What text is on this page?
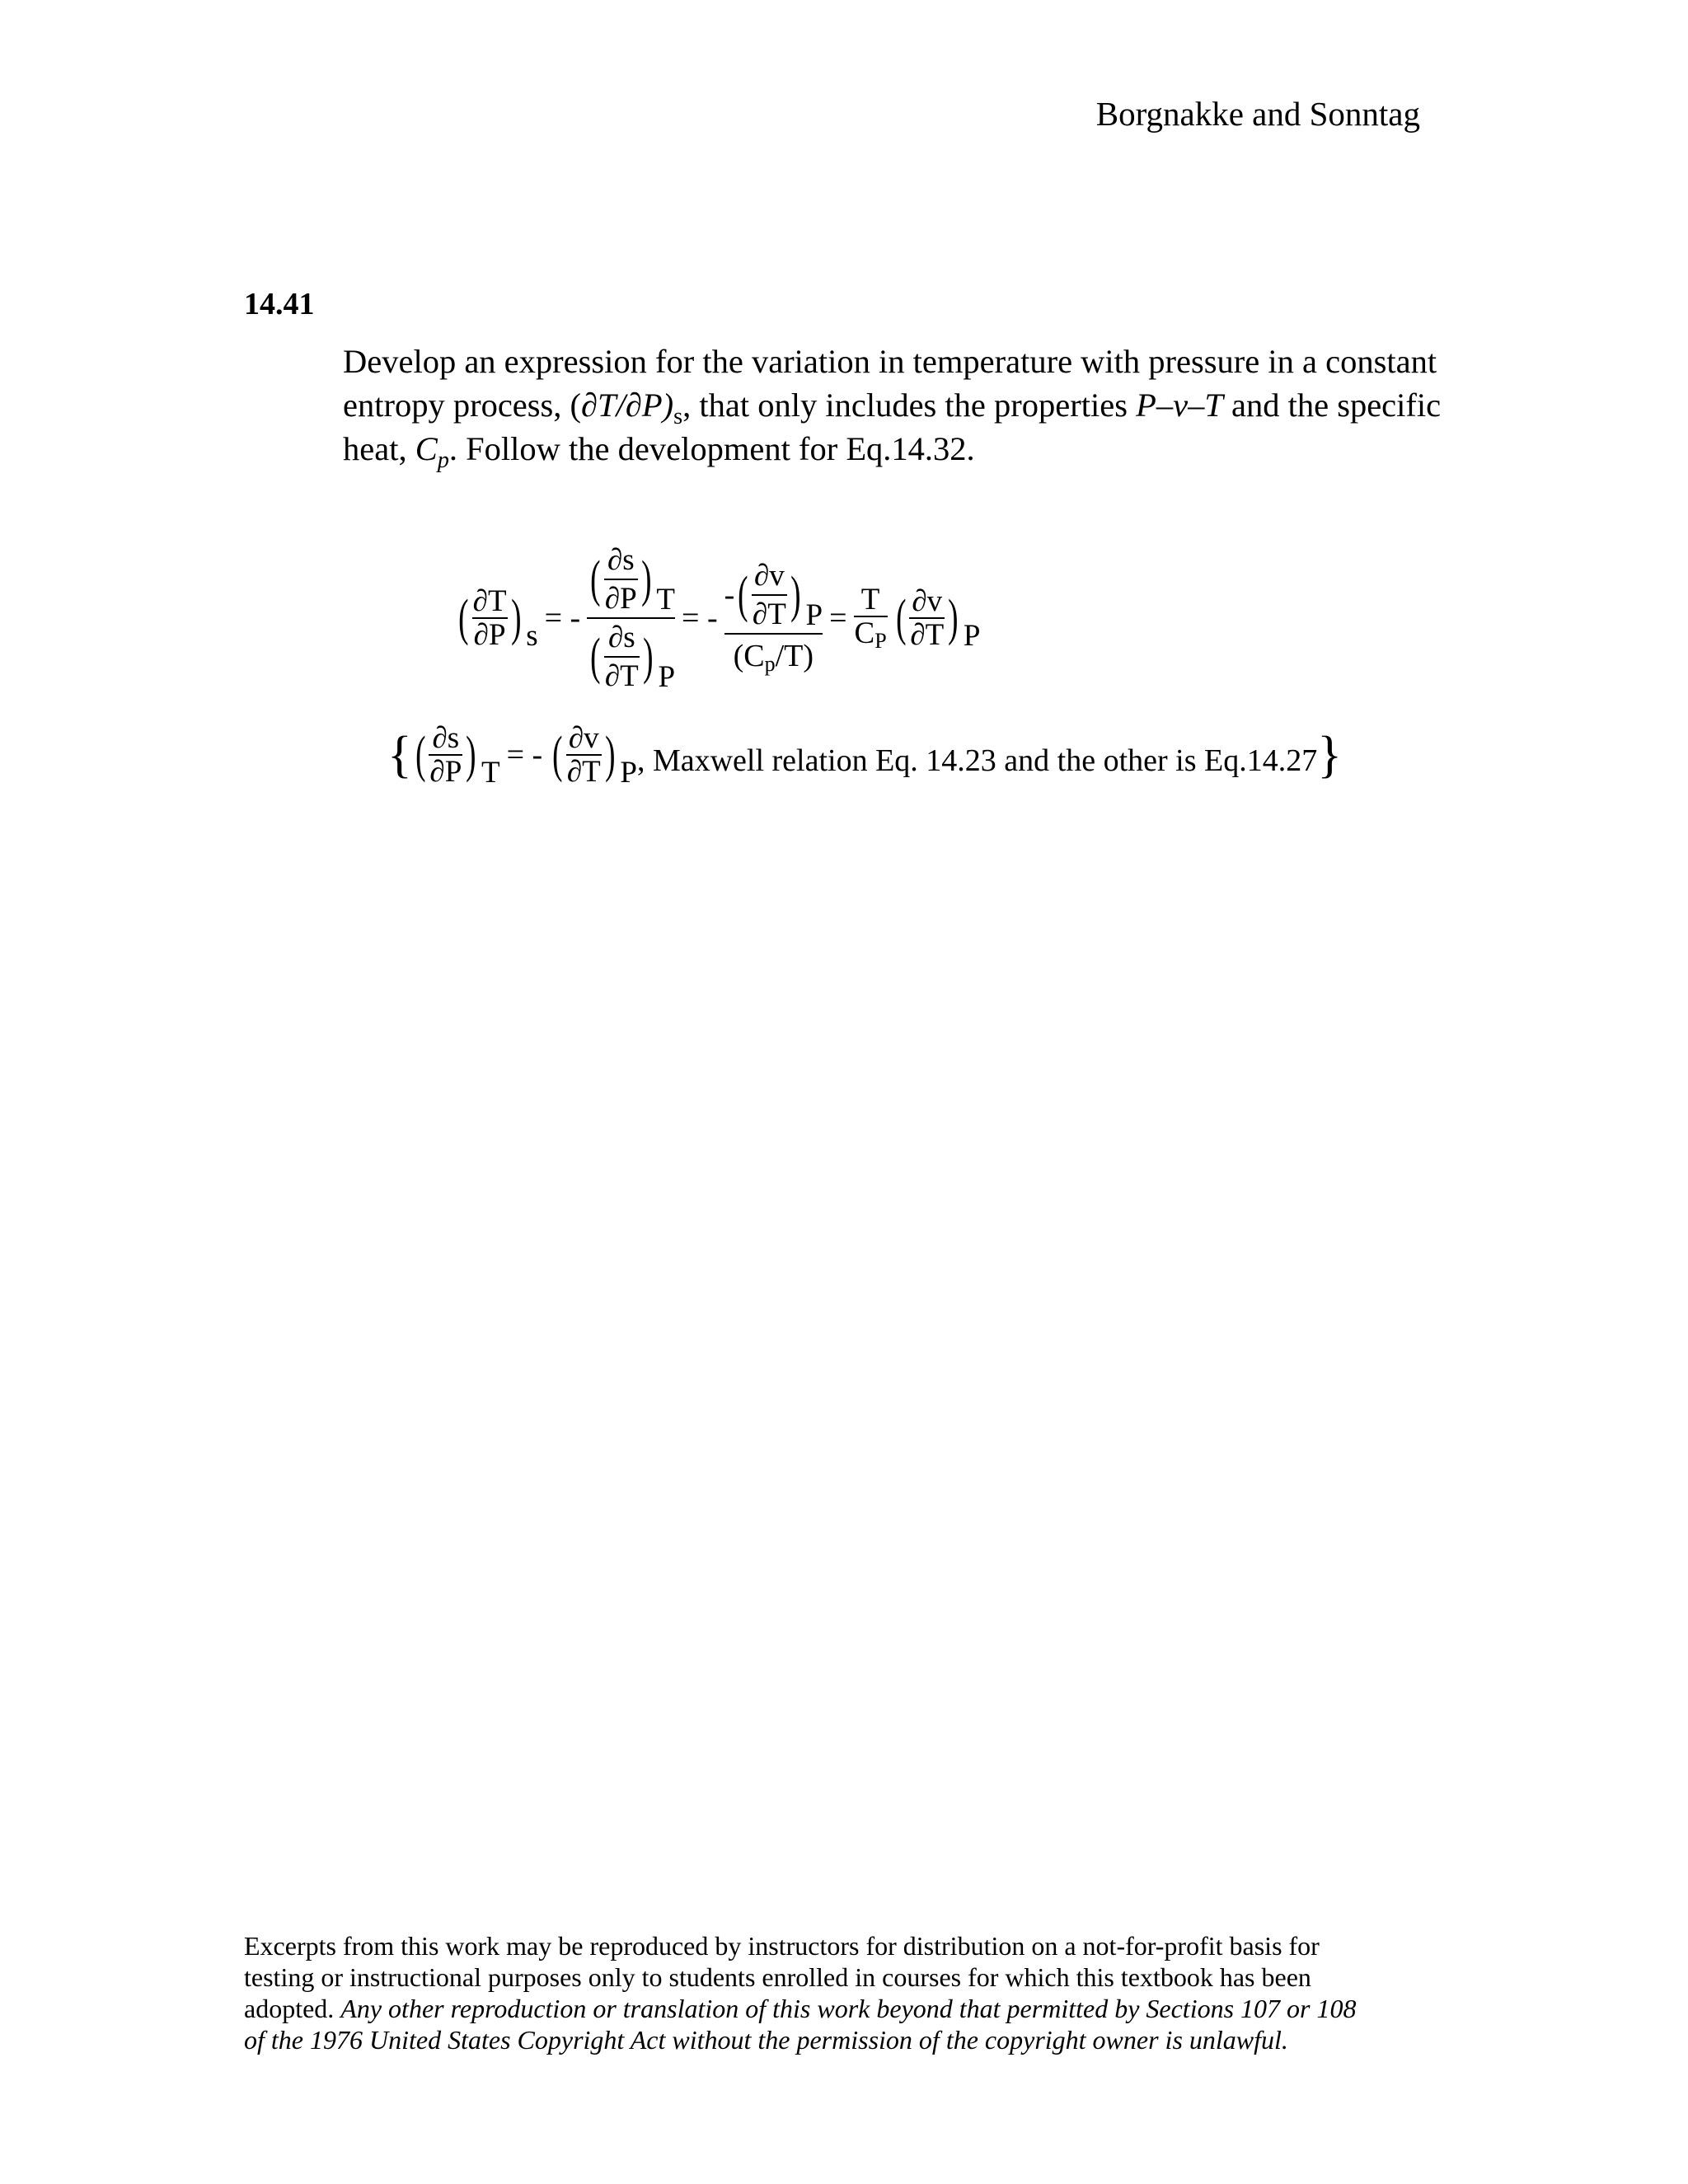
Borgnakke and Sonntag
14.41
Develop an expression for the variation in temperature with pressure in a constant
entropy process, $(\partial T/\partial P)_s$, that only includes the properties P–v–T and the specific
heat, $C_p$. Follow the development for Eq.14.32.
( $\frac{\partial T}{\partial P}$ ) s
= -
( $\frac{\partial s}{\partial P}$ ) T
( $\frac{\partial s}{\partial T}$ ) P
= -
- ( $\frac{\partial v}{\partial T}$ ) P
(Cp/T)
= $\frac{T}{CP}$ ( $\frac{\partial v}{\partial T}$ ) P
{ ( $\frac{\partial s}{\partial P}$ ) T
= - ( $\frac{\partial v}{\partial T}$ ) P , Maxwell relation Eq. 14.23 and the other is Eq.14.27 }
Excerpts from this work may be reproduced by instructors for distribution on a not-for-profit basis for
testing or instructional purposes only to students enrolled in courses for which this textbook has been
adopted. Any other reproduction or translation of this work beyond that permitted by Sections 107 or 108
of the 1976 United States Copyright Act without the permission of the copyright owner is unlawful.
